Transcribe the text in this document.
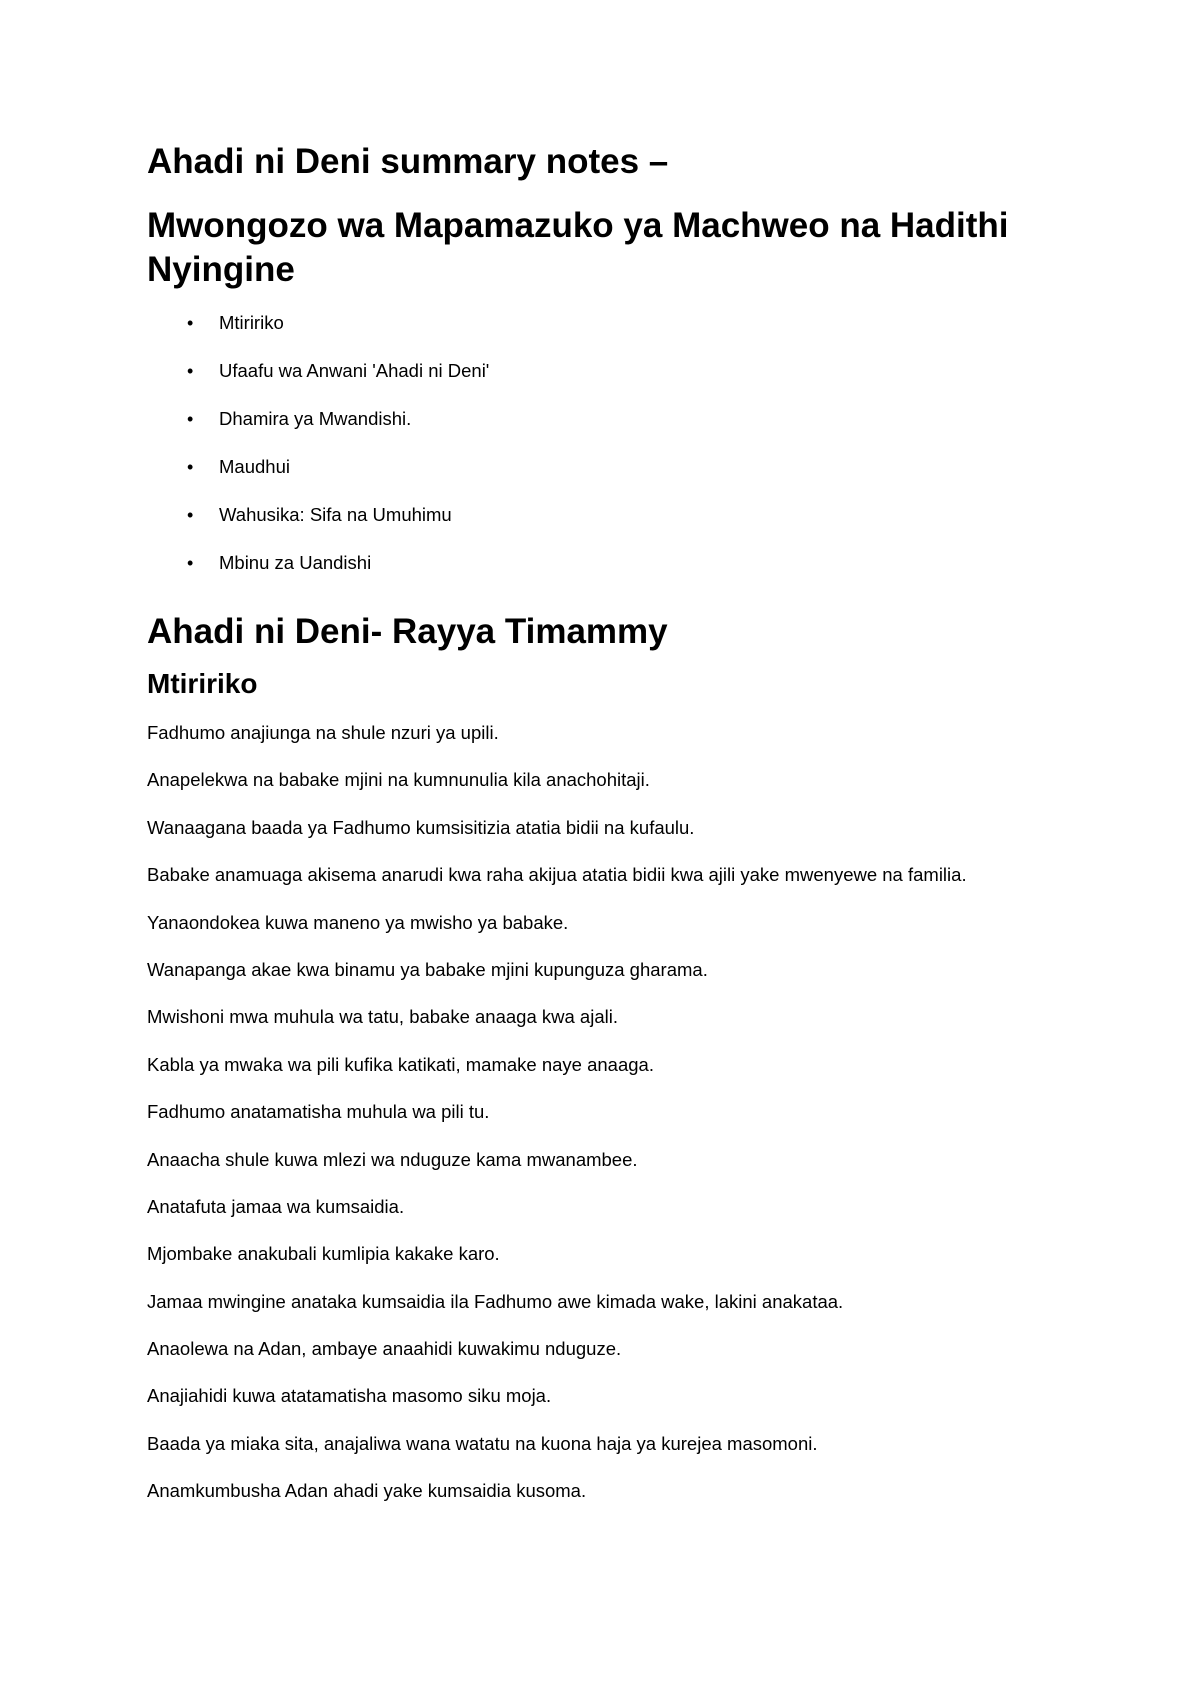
Ahadi ni Deni summary notes –
Mwongozo wa Mapamazuko ya Machweo na Hadithi Nyingine
• Mtiririko
• Ufaafu wa Anwani 'Ahadi ni Deni'
• Dhamira ya Mwandishi.
• Maudhui
• Wahusika: Sifa na Umuhimu
• Mbinu za Uandishi
Ahadi ni Deni- Rayya Timammy
Mtiririko

Fadhumo anajiunga na shule nzuri ya upili.

Anapelekwa na babake mjini na kumnunulia kila anachohitaji.

Wanaagana baada ya Fadhumo kumsisitizia atatia bidii na kufaulu.

Babake anamuaga akisema anarudi kwa raha akijua atatia bidii kwa ajili yake mwenyewe na familia.

Yanaondokea kuwa maneno ya mwisho ya babake.

Wanapanga akae kwa binamu ya babake mjini kupunguza gharama.

Mwishoni mwa muhula wa tatu, babake anaaga kwa ajali.

Kabla ya mwaka wa pili kufika katikati, mamake naye anaaga.

Fadhumo anatamatisha muhula wa pili tu.

Anaacha shule kuwa mlezi wa nduguze kama mwanambee.

Anatafuta jamaa wa kumsaidia.

Mjombake anakubali kumlipia kakake karo.

Jamaa mwingine anataka kumsaidia ila Fadhumo awe kimada wake, lakini anakataa.

Anaolewa na Adan, ambaye anaahidi kuwakimu nduguze.

Anajiahidi kuwa atatamatisha masomo siku moja.

Baada ya miaka sita, anajaliwa wana watatu na kuona haja ya kurejea masomoni.

Anamkumbusha Adan ahadi yake kumsaidia kusoma.
